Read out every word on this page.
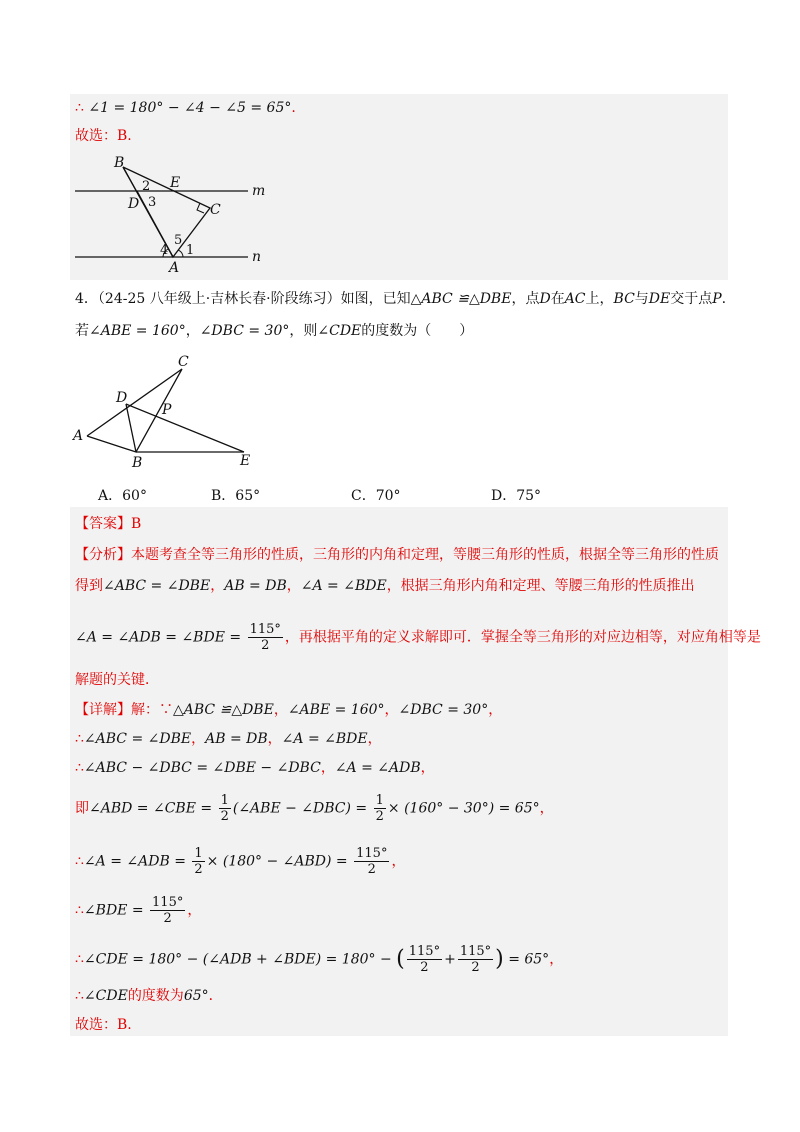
∴ ∠1 = 180° − ∠4 − ∠5 = 65°.
故选：B.
B
2 E	m
D 3	C
4
5
1
A
n
4．（24-25 八年级上·吉林长春·阶段练习）如图，已知△ABC ≌△DBE，点D在AC上，BC与DE交于点P.
若∠ABE = 160°，∠DBC = 30°，则∠CDE的度数为（　　）
C
D
P
A
B	E
A．60°	B．65°	C．70°	D．75°
【答案】B
【分析】本题考查全等三角形的性质，三角形的内角和定理，等腰三角形的性质，根据全等三角形的性质
得到∠ABC = ∠DBE，AB = DB，∠A = ∠BDE，根据三角形内角和定理、等腰三角形的性质推出
∠A = ∠ADB = ∠BDE = $\frac{115^\circ}{2}$ ，再根据平角的定义求解即可．掌握全等三角形的对应边相等，对应角相等是
解题的关键．
【详解】解：∵△ABC ≌△DBE，∠ABE = 160°，∠DBC = 30°，
∴∠ABC = ∠DBE，AB = DB，∠A = ∠BDE，
∴∠ABC − ∠DBC = ∠DBE − ∠DBC，∠A = ∠ADB，
即∠ABD = ∠CBE = $\frac{1}{2}$ (∠ABE − ∠DBC) = $\frac{1}{2} \times (160^\circ - 30^\circ) = 65^\circ$，
∴∠A = ∠ADB = $\frac{1}{2} \times (180^\circ$ − ∠ABD) = $\frac{115^\circ}{2}$ ，
∴∠BDE = $\frac{115^\circ}{2}$ ，
∴∠CDE = 180° − (∠ADB + ∠BDE) = 180° − ( $\frac{115^\circ}{2} + \frac{115^\circ}{2}$ ) = 65°，
∴∠CDE的度数为65°．
故选：B.
